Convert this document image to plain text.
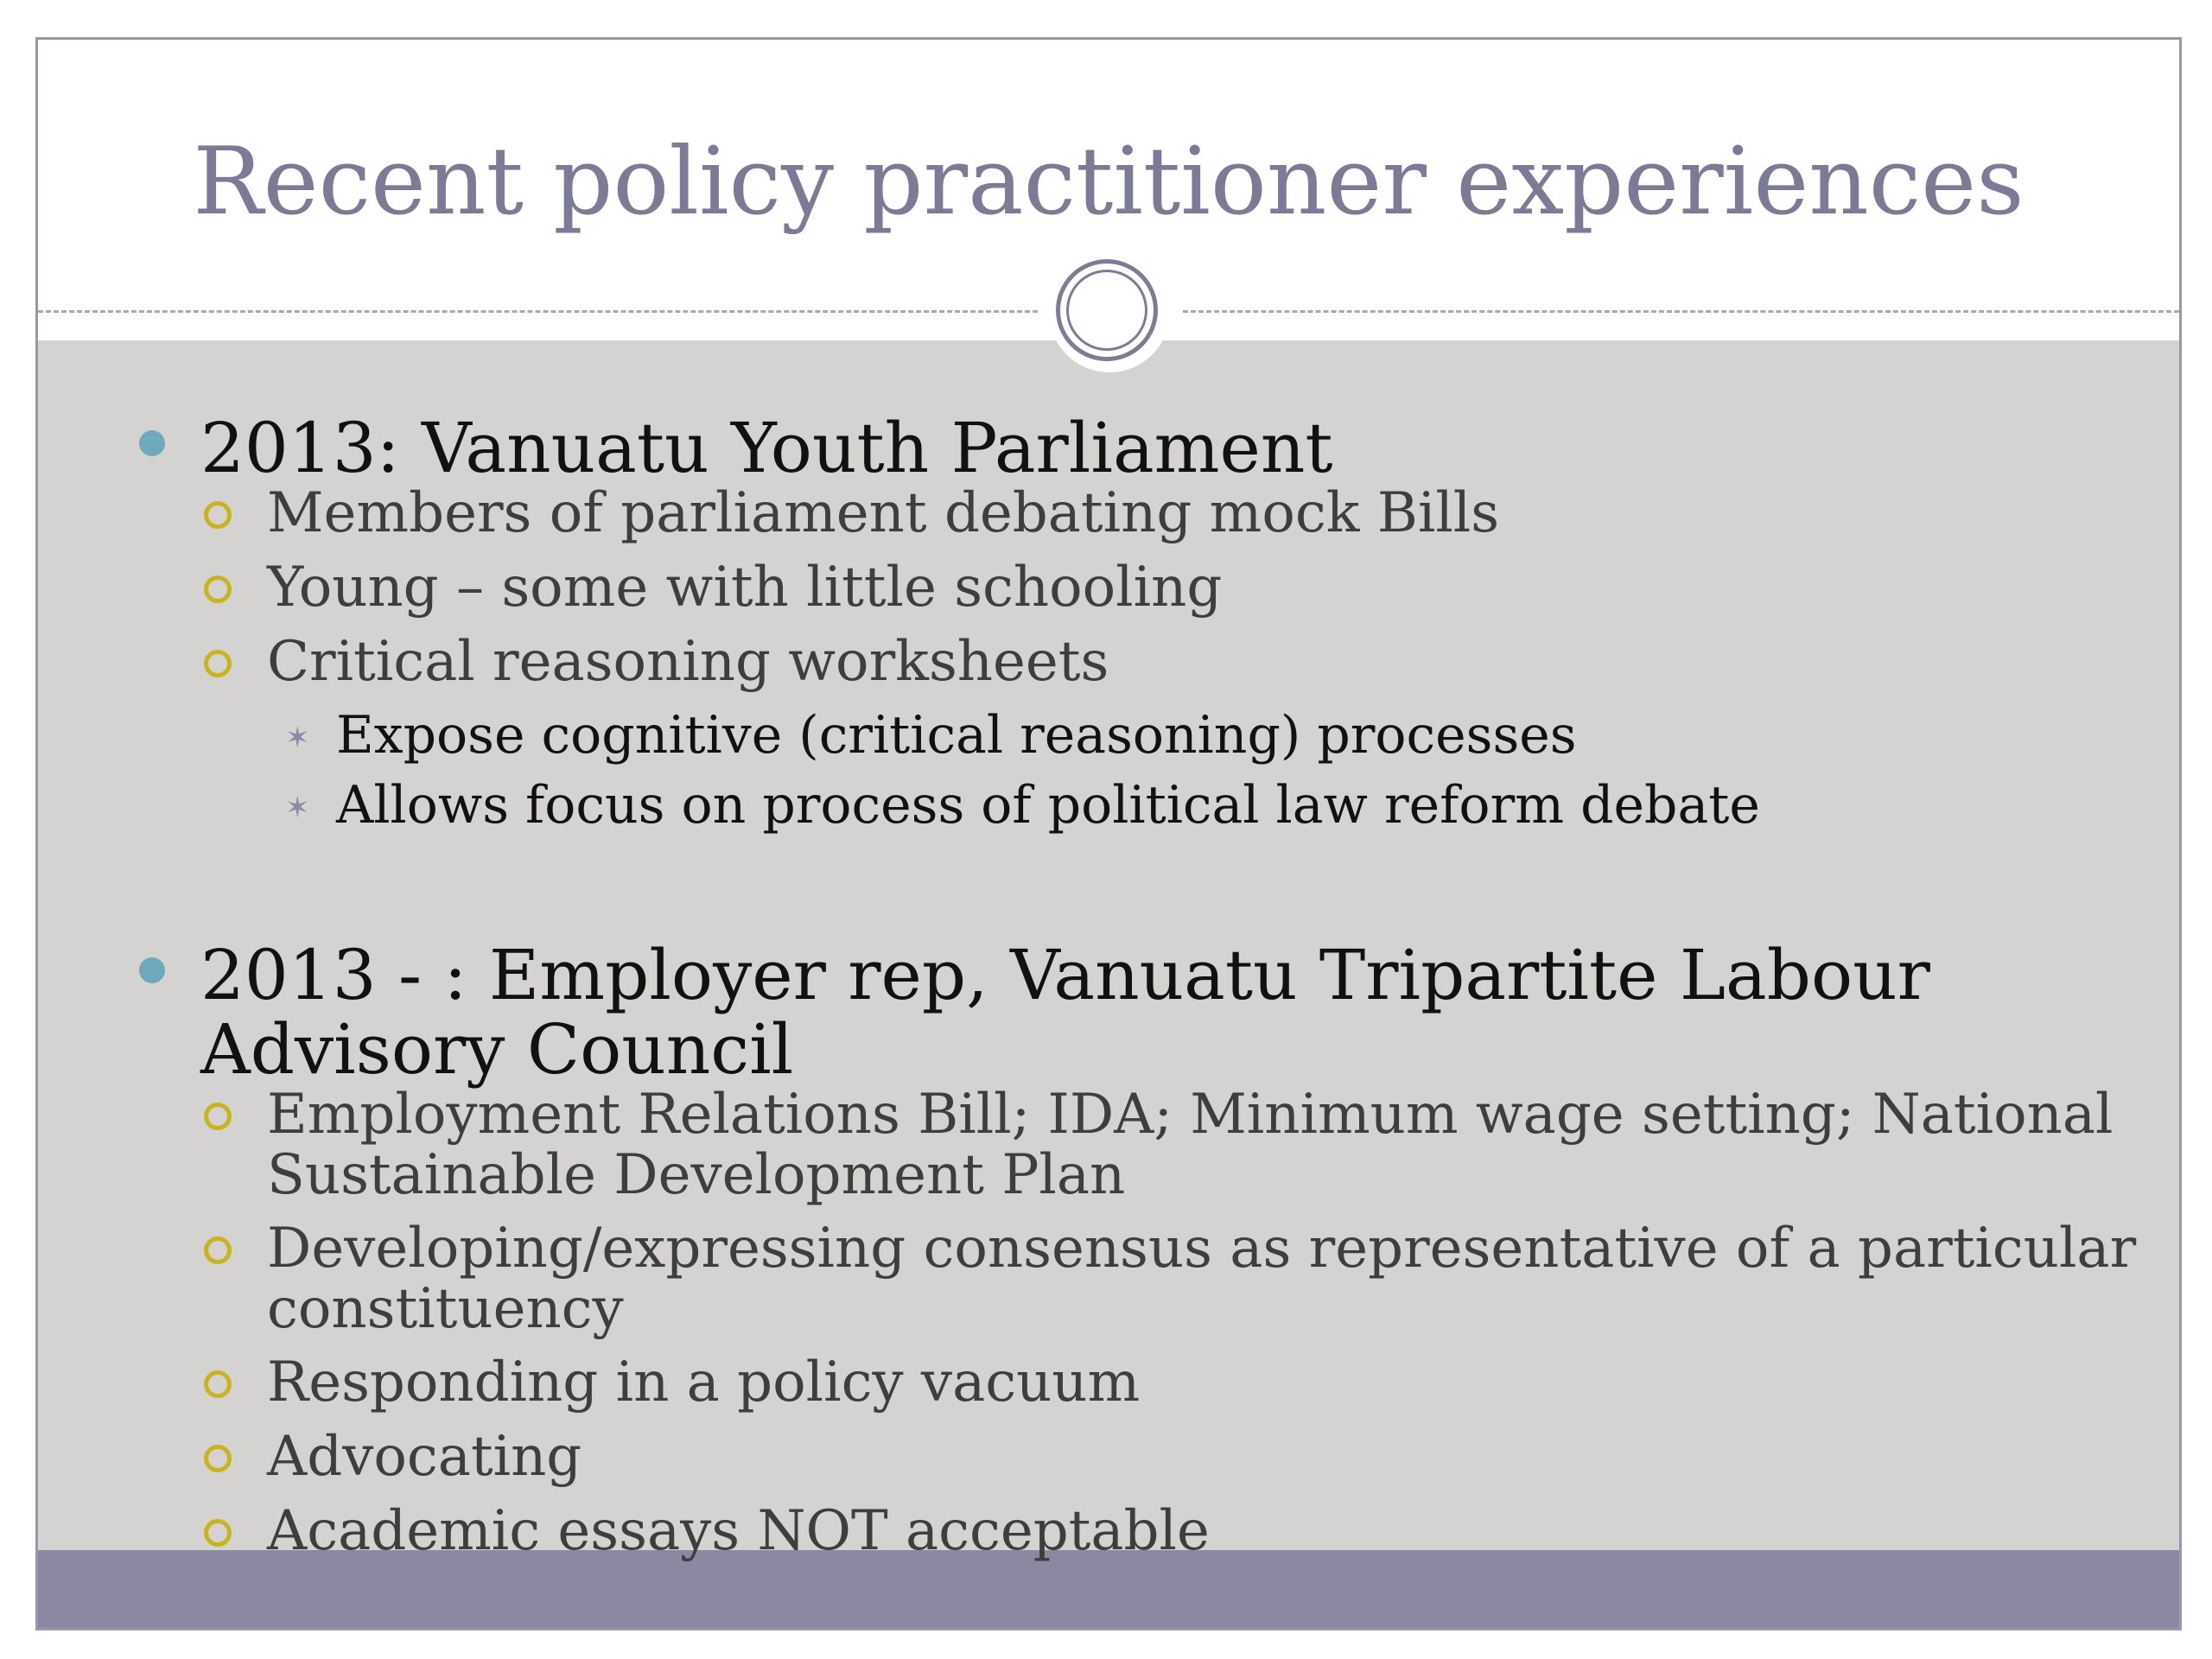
Recent policy practitioner experiences

2013: Vanuatu Youth Parliament

Members of parliament debating mock Bills

Young – some with little schooling

Critical reasoning worksheets

✶ Expose cognitive (critical reasoning) processes

✶ Allows focus on process of political law reform debate

2013 - : Employer rep, Vanuatu Tripartite Labour

Advisory Council

Employment Relations Bill; IDA; Minimum wage setting; National

Sustainable Development Plan

Developing/expressing consensus as representative of a particular

constituency

Responding in a policy vacuum

Advocating

Academic essays NOT acceptable
